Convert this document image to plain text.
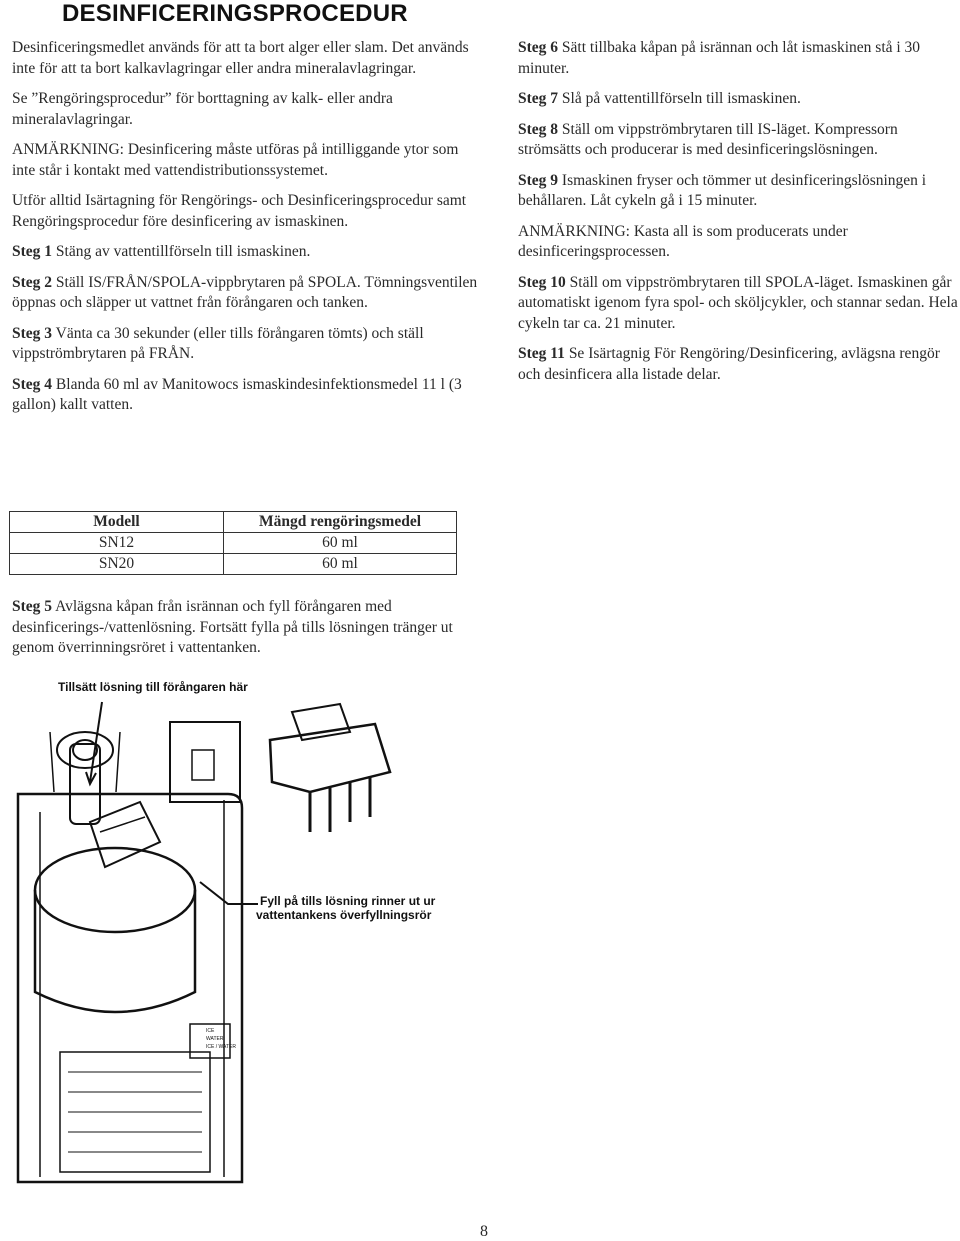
DESINFICERINGSPROCEDUR

Desinficeringsmedlet används för att ta bort alger eller slam. Det används inte för att ta bort kalkavlagringar eller andra mineralavlagringar.

Se ”Rengöringsprocedur” för borttagning av kalk- eller andra mineralavlagringar.

ANMÄRKNING: Desinficering måste utföras på intilliggande ytor som inte står i kontakt med vattendistributionssystemet.

Utför alltid Isärtagning för Rengörings- och Desinficeringsprocedur samt Rengöringsprocedur före desinficering av ismaskinen.

Steg 1 Stäng av vattentillförseln till ismaskinen.

Steg 2 Ställ IS/FRÅN/SPOLA-vippbrytaren på SPOLA. Tömningsventilen öppnas och släpper ut vattnet från förångaren och tanken.

Steg 3 Vänta ca 30 sekunder (eller tills förångaren tömts) och ställ vippströmbrytaren på FRÅN.

Steg 4 Blanda 60 ml av Manitowocs ismaskindesinfektionsmedel 11 l (3 gallon) kallt vatten.

Modell	Mängd rengöringsmedel
SN12	60 ml
SN20	60 ml

Steg 5 Avlägsna kåpan från isrännan och fyll förångaren med desinficerings-/vattenlösning. Fortsätt fylla på tills lösningen tränger ut genom överrinningsröret i vattentanken.

Tillsätt lösning till förångaren här
Fyll på tills lösning rinner ut ur
vattentankens överfyllningsrör
ICE
WATER
ICE / WATER

Steg 6 Sätt tillbaka kåpan på isrännan och låt ismaskinen stå i 30 minuter.

Steg 7 Slå på vattentillförseln till ismaskinen.

Steg 8 Ställ om vippströmbrytaren till IS-läget. Kompressorn strömsätts och producerar is med desinficeringslösningen.

Steg 9 Ismaskinen fryser och tömmer ut desinficeringslösningen i behållaren. Låt cykeln gå i 15 minuter.

ANMÄRKNING: Kasta all is som producerats under desinficeringsprocessen.

Steg 10 Ställ om vippströmbrytaren till SPOLA-läget. Ismaskinen går automatiskt igenom fyra spol- och sköljcykler, och stannar sedan. Hela cykeln tar ca. 21 minuter.

Steg 11 Se Isärtagnig För Rengöring/Desinficering, avlägsna rengör och desinficera alla listade delar.

8
